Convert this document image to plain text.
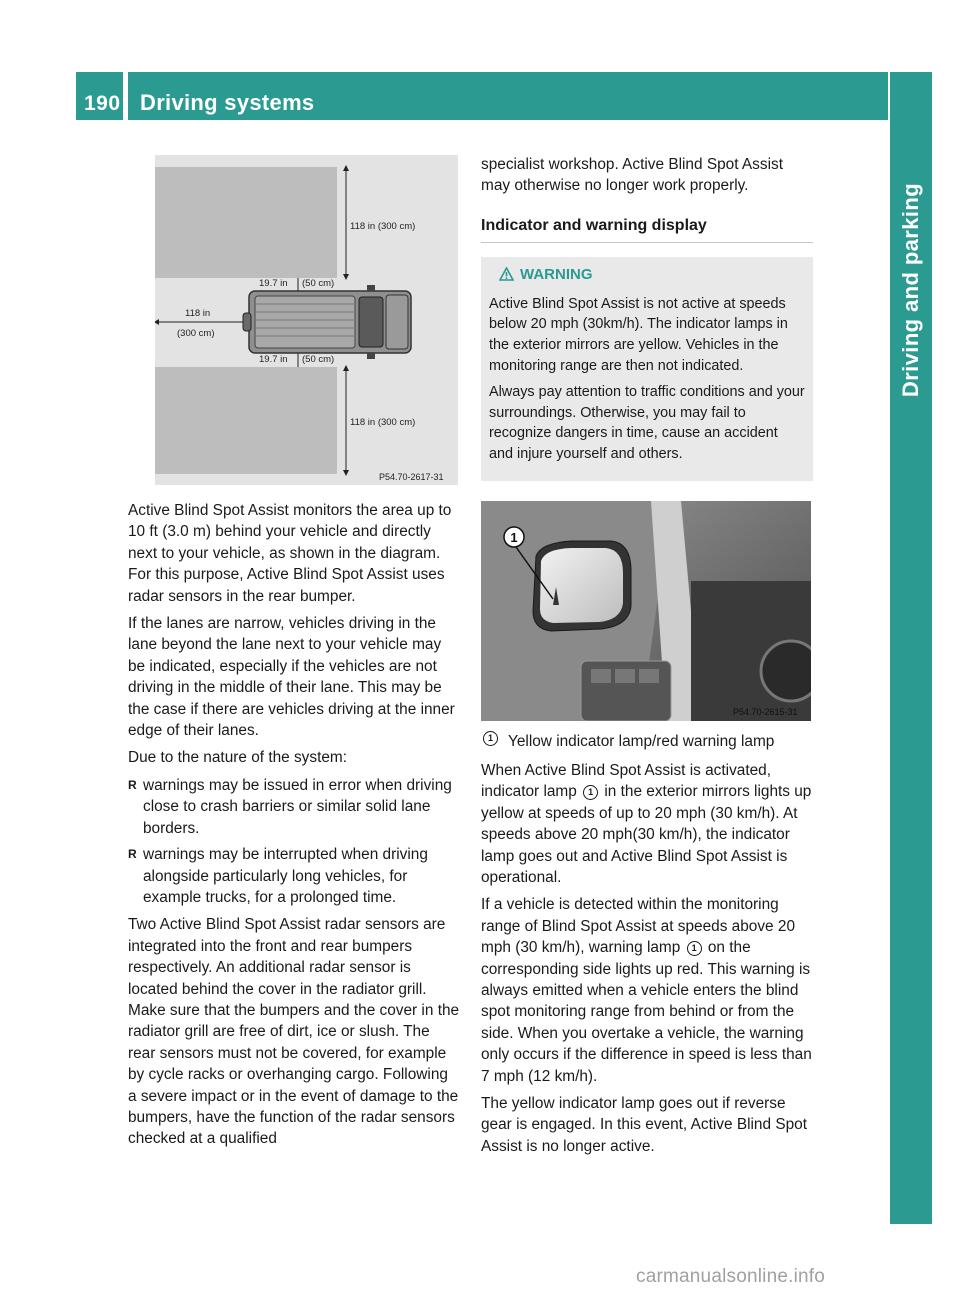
190 Driving systems
Driving and parking
118 in (300 cm)
118 in (300 cm)
19.7 in (50 cm)
19.7 in (50 cm)
118 in
(300 cm)
P54.70-2617-31

Active Blind Spot Assist monitors the area up to 10 ft (3.0 m) behind your vehicle and directly next to your vehicle, as shown in the diagram. For this purpose, Active Blind Spot Assist uses radar sensors in the rear bumper.

If the lanes are narrow, vehicles driving in the lane beyond the lane next to your vehicle may be indicated, especially if the vehicles are not driving in the middle of their lane. This may be the case if there are vehicles driving at the inner edge of their lanes.

Due to the nature of the system:

R warnings may be issued in error when driving close to crash barriers or similar solid lane borders.
R warnings may be interrupted when driving alongside particularly long vehicles, for example trucks, for a prolonged time.

Two Active Blind Spot Assist radar sensors are integrated into the front and rear bumpers respectively. An additional radar sensor is located behind the cover in the radiator grill. Make sure that the bumpers and the cover in the radiator grill are free of dirt, ice or slush. The rear sensors must not be covered, for example by cycle racks or overhanging cargo. Following a severe impact or in the event of damage to the bumpers, have the function of the radar sensors checked at a qualified

specialist workshop. Active Blind Spot Assist may otherwise no longer work properly.

Indicator and warning display
WARNING

Active Blind Spot Assist is not active at speeds below 20 mph (30km/h). The indicator lamps in the exterior mirrors are yellow. Vehicles in the monitoring range are then not indicated.

Always pay attention to traffic conditions and your surroundings. Otherwise, you may fail to recognize dangers in time, cause an accident and injure yourself and others.

1
P54.70-2615-31
1 Yellow indicator lamp/red warning lamp

When Active Blind Spot Assist is activated, indicator lamp 1 in the exterior mirrors lights up yellow at speeds of up to 20 mph (30 km/h). At speeds above 20 mph(30 km/h), the indicator lamp goes out and Active Blind Spot Assist is operational.

If a vehicle is detected within the monitoring range of Blind Spot Assist at speeds above 20 mph (30 km/h), warning lamp 1 on the corresponding side lights up red. This warning is always emitted when a vehicle enters the blind spot monitoring range from behind or from the side. When you overtake a vehicle, the warning only occurs if the difference in speed is less than 7 mph (12 km/h).

The yellow indicator lamp goes out if reverse gear is engaged. In this event, Active Blind Spot Assist is no longer active.

carmanualsonline.info
